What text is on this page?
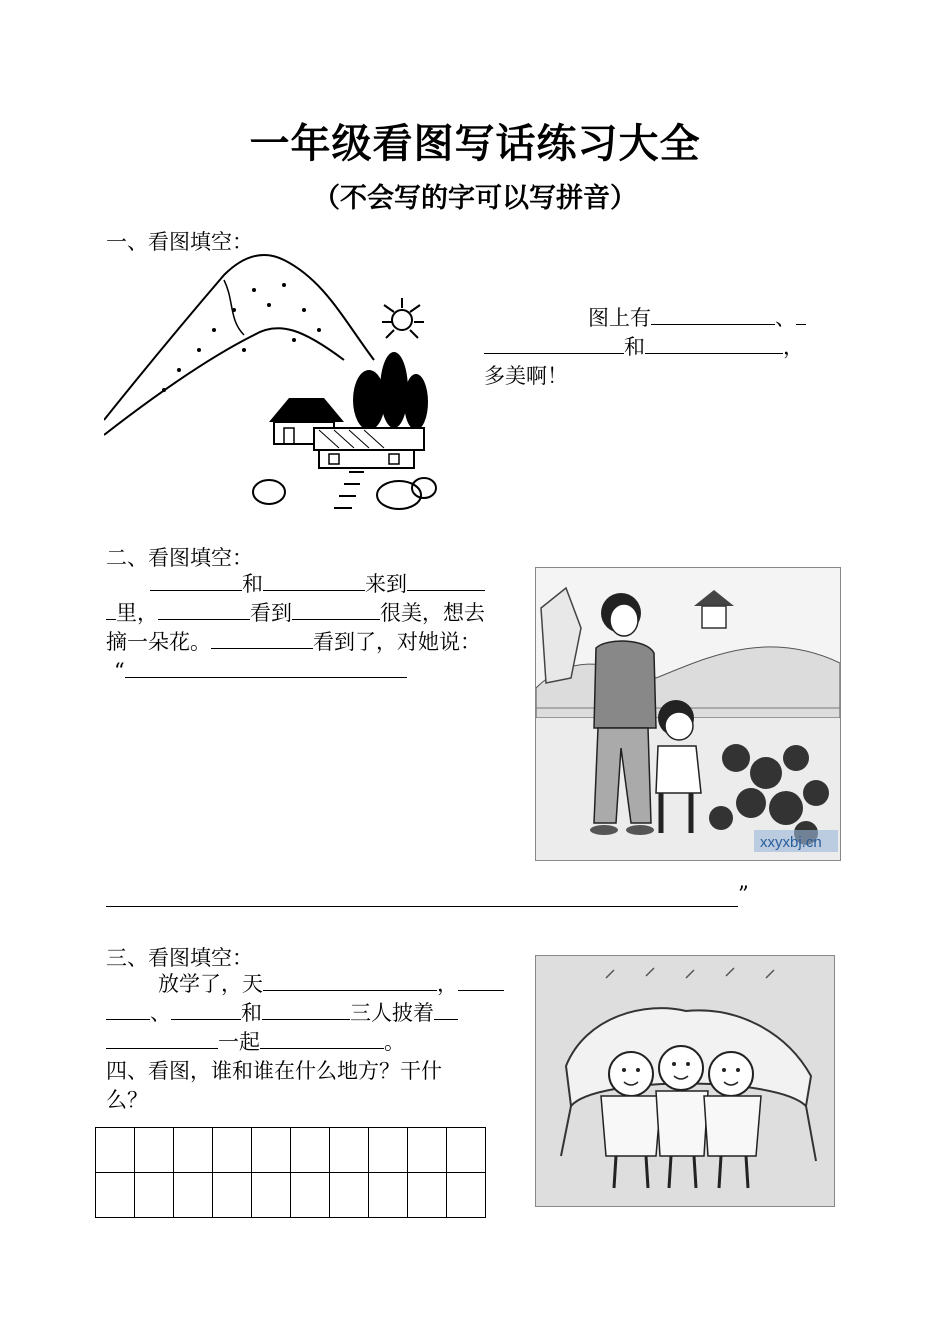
一年级看图写话练习大全
（不会写的字可以写拼音）
一、看图填空：
图上有	、
和	，
多美啊！
二、看图填空：
和	来到
里，	看到	很美，想去
摘一朵花。	看到了，对她说：
“
xxyxbj.cn
”
三、看图填空：
放学了，天	，
、	和	三人披着
一起	。
四、看图，谁和谁在什么地方？干什
么？
